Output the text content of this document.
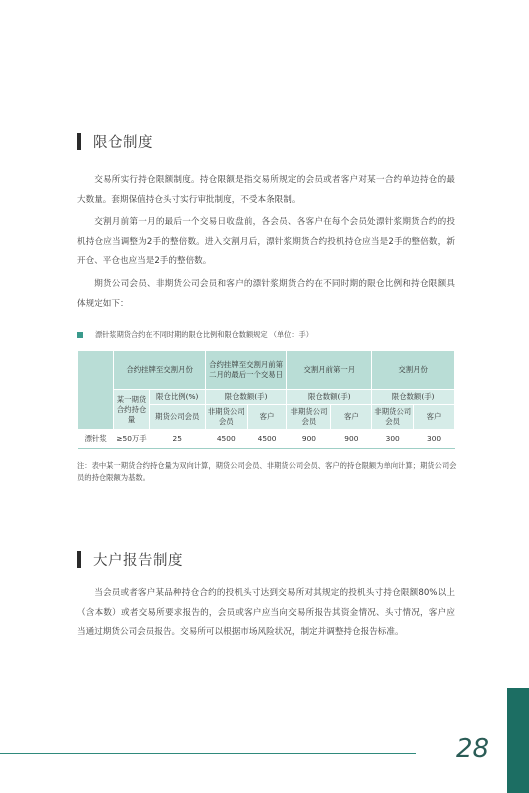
限仓制度

交易所实行持仓限额制度。持仓限额是指交易所规定的会员或者客户对某一合约单边持仓的最大数量。套期保值持仓头寸实行审批制度，不受本条限制。

交割月前第一月的最后一个交易日收盘前，各会员、各客户在每个会员处漂针浆期货合约的投机持仓应当调整为2手的整倍数。进入交割月后，漂针浆期货合约投机持仓应当是2手的整倍数，新开仓、平仓也应当是2手的整倍数。

期货公司会员、非期货公司会员和客户的漂针浆期货合约在不同时期的限仓比例和持仓限额具体规定如下：

漂针浆期货合约在不同时期的限仓比例和限仓数额规定 （单位：手）
	合约挂牌至交割月份		合约挂牌至交割月前第二月的最后一个交易日		交割月前第一月		交割月份	
	某一期货合约持仓量	限仓比例(%)	限仓数额(手)		限仓数额(手)		限仓数额(手)	
		期货公司会员	非期货公司会员	客户	非期货公司会员	客户	非期货公司会员	客户
漂针浆	≥50万手	25	4500	4500	900	900	300	300

注：表中某一期货合约持仓量为双向计算，期货公司会员、非期货公司会员、客户的持仓限额为单向计算；期货公司会员的持仓限额为基数。

大户报告制度

当会员或者客户某品种持仓合约的投机头寸达到交易所对其规定的投机头寸持仓限额80%以上（含本数）或者交易所要求报告的，会员或客户应当向交易所报告其资金情况、头寸情况，客户应当通过期货公司会员报告。交易所可以根据市场风险状况，制定并调整持仓报告标准。

28
